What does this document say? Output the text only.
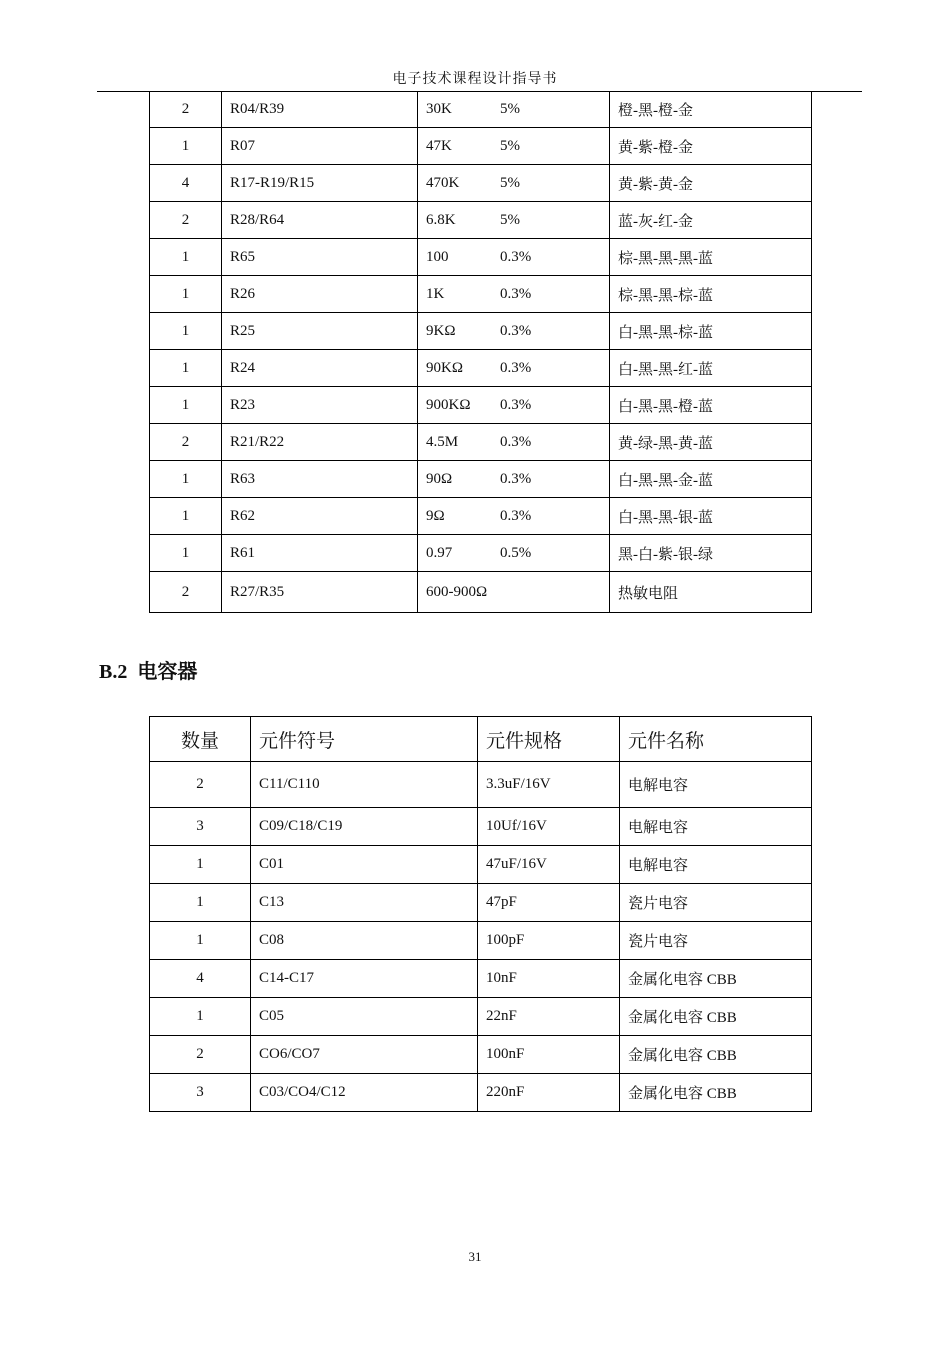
电子技术课程设计指导书
2	R04/R39	30K 5%	橙-黑-橙-金
1	R07	47K 5%	黄-紫-橙-金
4	R17-R19/R15	470K 5%	黄-紫-黄-金
2	R28/R64	6.8K 5%	蓝-灰-红-金
1	R65	100 0.3%	棕-黑-黑-黑-蓝
1	R26	1K 0.3%	棕-黑-黑-棕-蓝
1	R25	9KΩ 0.3%	白-黑-黑-棕-蓝
1	R24	90KΩ 0.3%	白-黑-黑-红-蓝
1	R23	900KΩ 0.3%	白-黑-黑-橙-蓝
2	R21/R22	4.5M 0.3%	黄-绿-黑-黄-蓝
1	R63	90Ω 0.3%	白-黑-黑-金-蓝
1	R62	9Ω 0.3%	白-黑-黑-银-蓝
1	R61	0.97 0.5%	黑-白-紫-银-绿
2	R27/R35	600-900Ω	热敏电阻
B.2 电容器
数量	元件符号	元件规格	元件名称
2	C11/C110	3.3uF/16V	电解电容
3	C09/C18/C19	10Uf/16V	电解电容
1	C01	47uF/16V	电解电容
1	C13	47pF	瓷片电容
1	C08	100pF	瓷片电容
4	C14-C17	10nF	金属化电容 CBB
1	C05	22nF	金属化电容 CBB
2	CO6/CO7	100nF	金属化电容 CBB
3	C03/CO4/C12	220nF	金属化电容 CBB
31
